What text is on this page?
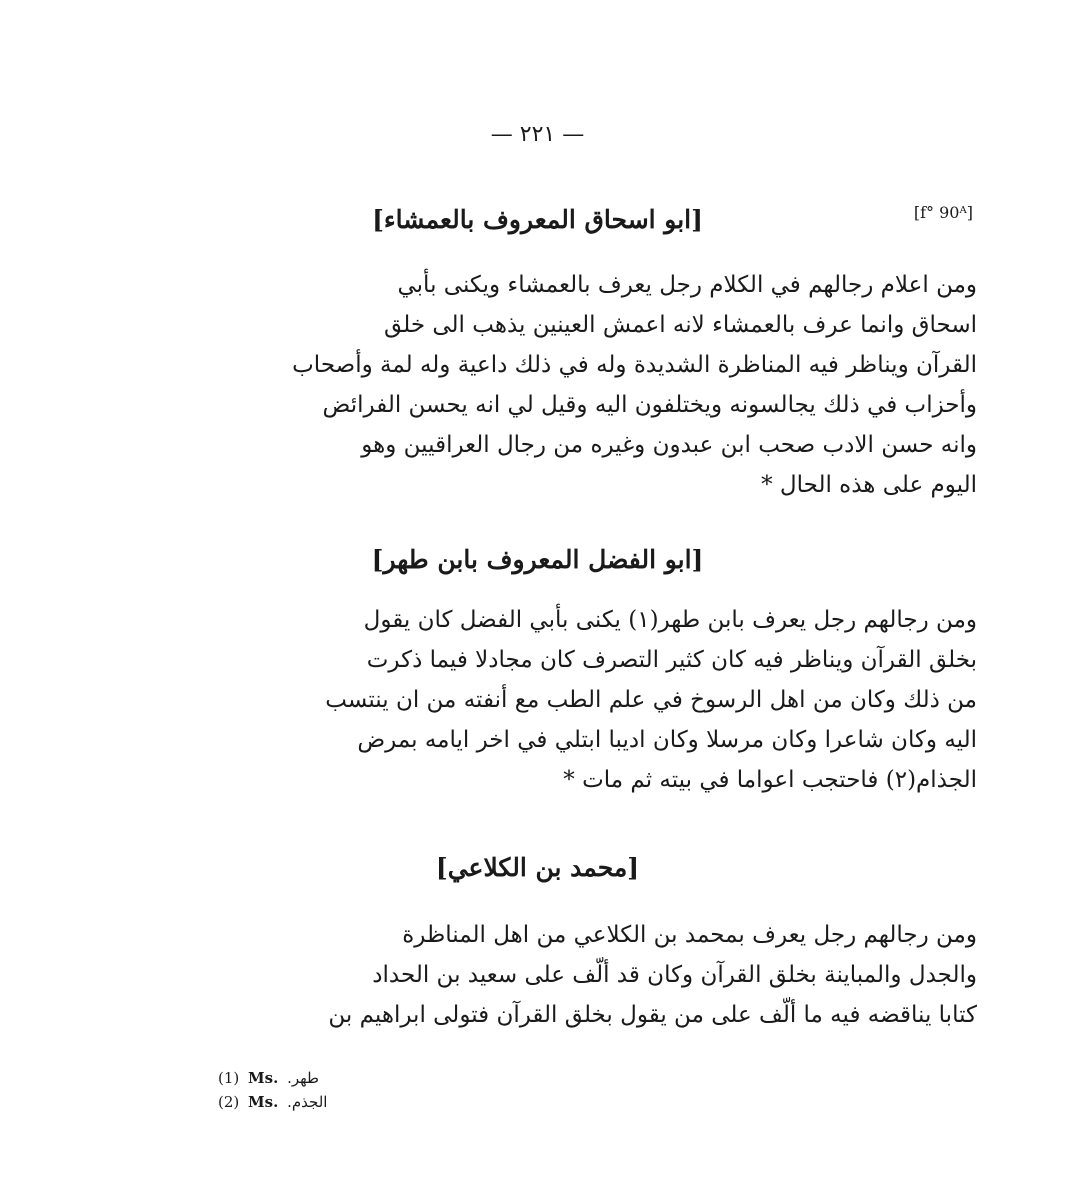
— ۲۲۱ —
[f° 90ᴬ]
[ابو اسحاق المعروف بالعمشاء]
ومن اعلام رجالهم في الكلام رجل يعرف بالعمشاء ويكنى بأبي
اسحاق وانما عرف بالعمشاء لانه اعمش العينين يذهب الى خلق
القرآن ويناظر فيه المناظرة الشديدة وله في ذلك داعية وله لمة وأصحاب
وأحزاب في ذلك يجالسونه ويختلفون اليه وقيل لي انه يحسن الفرائض
وانه حسن الادب صحب ابن عبدون وغيره من رجال العراقيين وهو
اليوم على هذه الحال *
[ابو الفضل المعروف بابن طهر]
ومن رجالهم رجل يعرف بابن طهر(١) يكنى بأبي الفضل كان يقول
بخلق القرآن ويناظر فيه كان كثير التصرف كان مجادلا فيما ذكرت
من ذلك وكان من اهل الرسوخ في علم الطب مع أنفته من ان ينتسب
اليه وكان شاعرا وكان مرسلا وكان اديبا ابتلي في اخر ايامه بمرض
الجذام(٢) فاحتجب اعواما في بيته ثم مات *
[محمد بن الكلاعي]
ومن رجالهم رجل يعرف بمحمد بن الكلاعي من اهل المناظرة
والجدل والمباينة بخلق القرآن وكان قد ألّف على سعيد بن الحداد
كتابا يناقضه فيه ما ألّف على من يقول بخلق القرآن فتولى ابراهيم بن
(1) Ms. طهر.
(2) Ms. الجذم.
